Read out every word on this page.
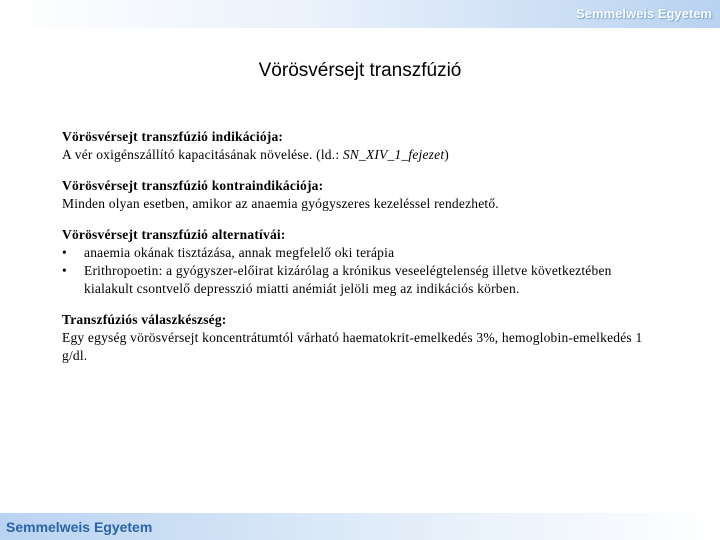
Semmelweis Egyetem
Vörösvérsejt transzfúzió
Vörösvérsejt transzfúzió indikációja:
A vér oxigénszállító kapacitásának növelése. (ld.: SN_XIV_1_fejezet)
Vörösvérsejt transzfúzió kontraindikációja:
Minden olyan esetben, amikor az anaemia gyógyszeres kezeléssel rendezhető.
Vörösvérsejt transzfúzió alternatívái:
• anaemia okának tisztázása, annak megfelelő oki terápia
• Erithropoetin: a gyógyszer-előirat kizárólag a krónikus veseelégtelenség illetve következtében kialakult csontvelő depresszió miatti anémiát jelöli meg az indikációs körben.
Transzfúziós válaszkészség:
Egy egység vörösvérsejt koncentrátumtól várható haematokrit-emelkedés 3%, hemoglobin-emelkedés 1 g/dl.
Semmelweis Egyetem
